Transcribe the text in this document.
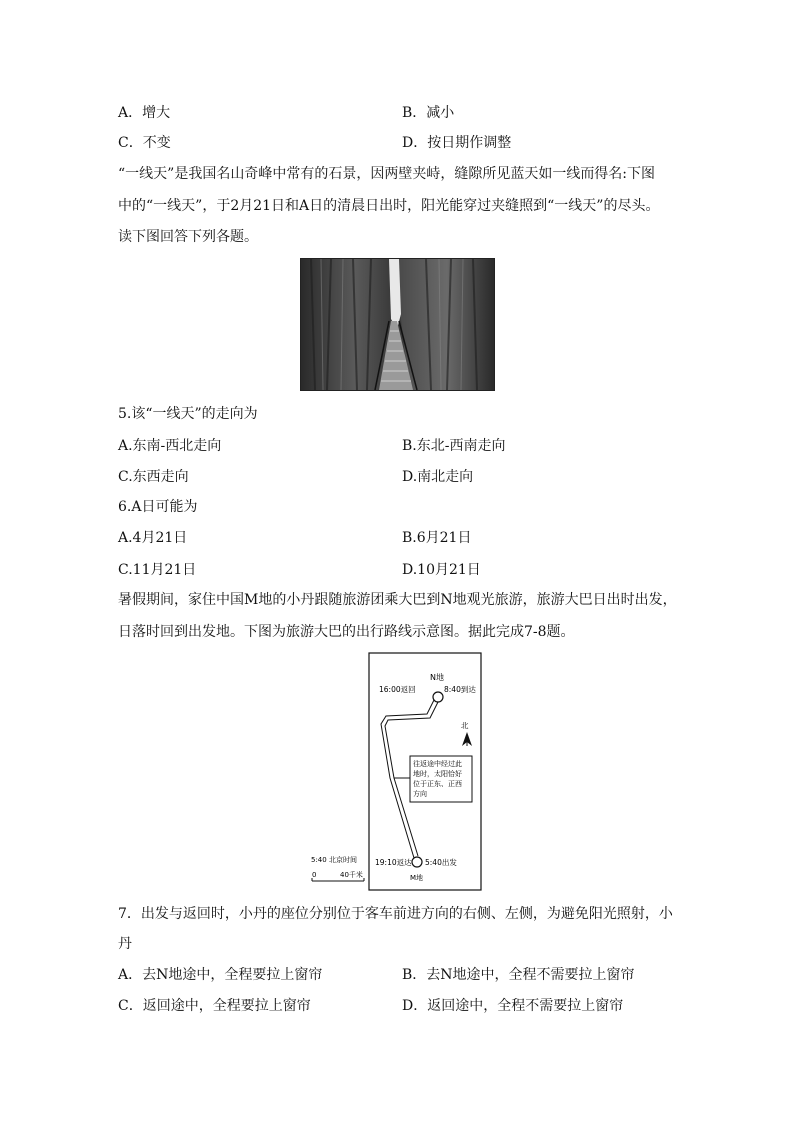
A．增大	B．减小
C．不变	D．按日期作调整
“一线天”是我国名山奇峰中常有的石景，因两壁夹峙，缝隙所见蓝天如一线而得名:下图
中的“一线天”，于2月21日和A日的清晨日出时，阳光能穿过夹缝照到“一线天”的尽头。
读下图回答下列各题。
5.该“一线天”的走向为
A.东南-西北走向	B.东北-西南走向
C.东西走向	D.南北走向
6.A日可能为
A.4月21日	B.6月21日
C.11月21日	D.10月21日
暑假期间，家住中国M地的小丹跟随旅游团乘大巴到N地观光旅游，旅游大巴日出时出发，
日落时回到出发地。下图为旅游大巴的出行路线示意图。据此完成7-8题。
N地
16:00返回	8:40到达
北
往返途中经过此
地时，太阳恰好
位于正东、正西
方向
19:10返达 5:40出发
M地
5:40 北京时间
0	40千米
7．出发与返回时，小丹的座位分别位于客车前进方向的右侧、左侧，为避免阳光照射，小
丹
A．去N地途中，全程要拉上窗帘	B．去N地途中，全程不需要拉上窗帘
C．返回途中，全程要拉上窗帘	D．返回途中，全程不需要拉上窗帘
